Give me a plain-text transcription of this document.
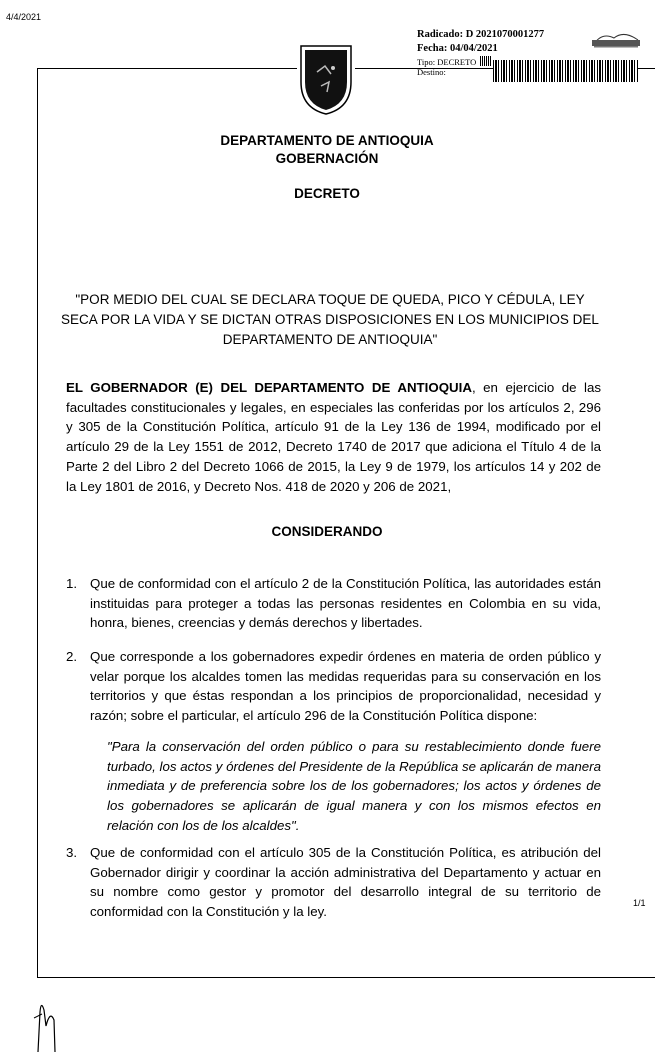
4/4/2021
Radicado: D 2021070001277
Fecha: 04/04/2021
Tipo: DECRETO
Destino:
DEPARTAMENTO DE ANTIOQUIA
GOBERNACIÓN
DECRETO
"POR MEDIO DEL CUAL SE DECLARA TOQUE DE QUEDA, PICO Y CÉDULA, LEY SECA POR LA VIDA Y SE DICTAN OTRAS DISPOSICIONES EN LOS MUNICIPIOS DEL DEPARTAMENTO DE ANTIOQUIA"
EL GOBERNADOR (E) DEL DEPARTAMENTO DE ANTIOQUIA, en ejercicio de las facultades constitucionales y legales, en especiales las conferidas por los artículos 2, 296 y 305 de la Constitución Política, artículo 91 de la Ley 136 de 1994, modificado por el artículo 29 de la Ley 1551 de 2012, Decreto 1740 de 2017 que adiciona el Título 4 de la Parte 2 del Libro 2 del Decreto 1066 de 2015, la Ley 9 de 1979, los artículos 14 y 202 de la Ley 1801 de 2016, y Decreto Nos. 418 de 2020 y 206 de 2021,
CONSIDERANDO
1. Que de conformidad con el artículo 2 de la Constitución Política, las autoridades están instituidas para proteger a todas las personas residentes en Colombia en su vida, honra, bienes, creencias y demás derechos y libertades.
2. Que corresponde a los gobernadores expedir órdenes en materia de orden público y velar porque los alcaldes tomen las medidas requeridas para su conservación en los territorios y que éstas respondan a los principios de proporcionalidad, necesidad y razón; sobre el particular, el artículo 296 de la Constitución Política dispone:
"Para la conservación del orden público o para su restablecimiento donde fuere turbado, los actos y órdenes del Presidente de la República se aplicarán de manera inmediata y de preferencia sobre los de los gobernadores; los actos y órdenes de los gobernadores se aplicarán de igual manera y con los mismos efectos en relación con los de los alcaldes".
3. Que de conformidad con el artículo 305 de la Constitución Política, es atribución del Gobernador dirigir y coordinar la acción administrativa del Departamento y actuar en su nombre como gestor y promotor del desarrollo integral de su territorio de conformidad con la Constitución y la ley.
1/1
